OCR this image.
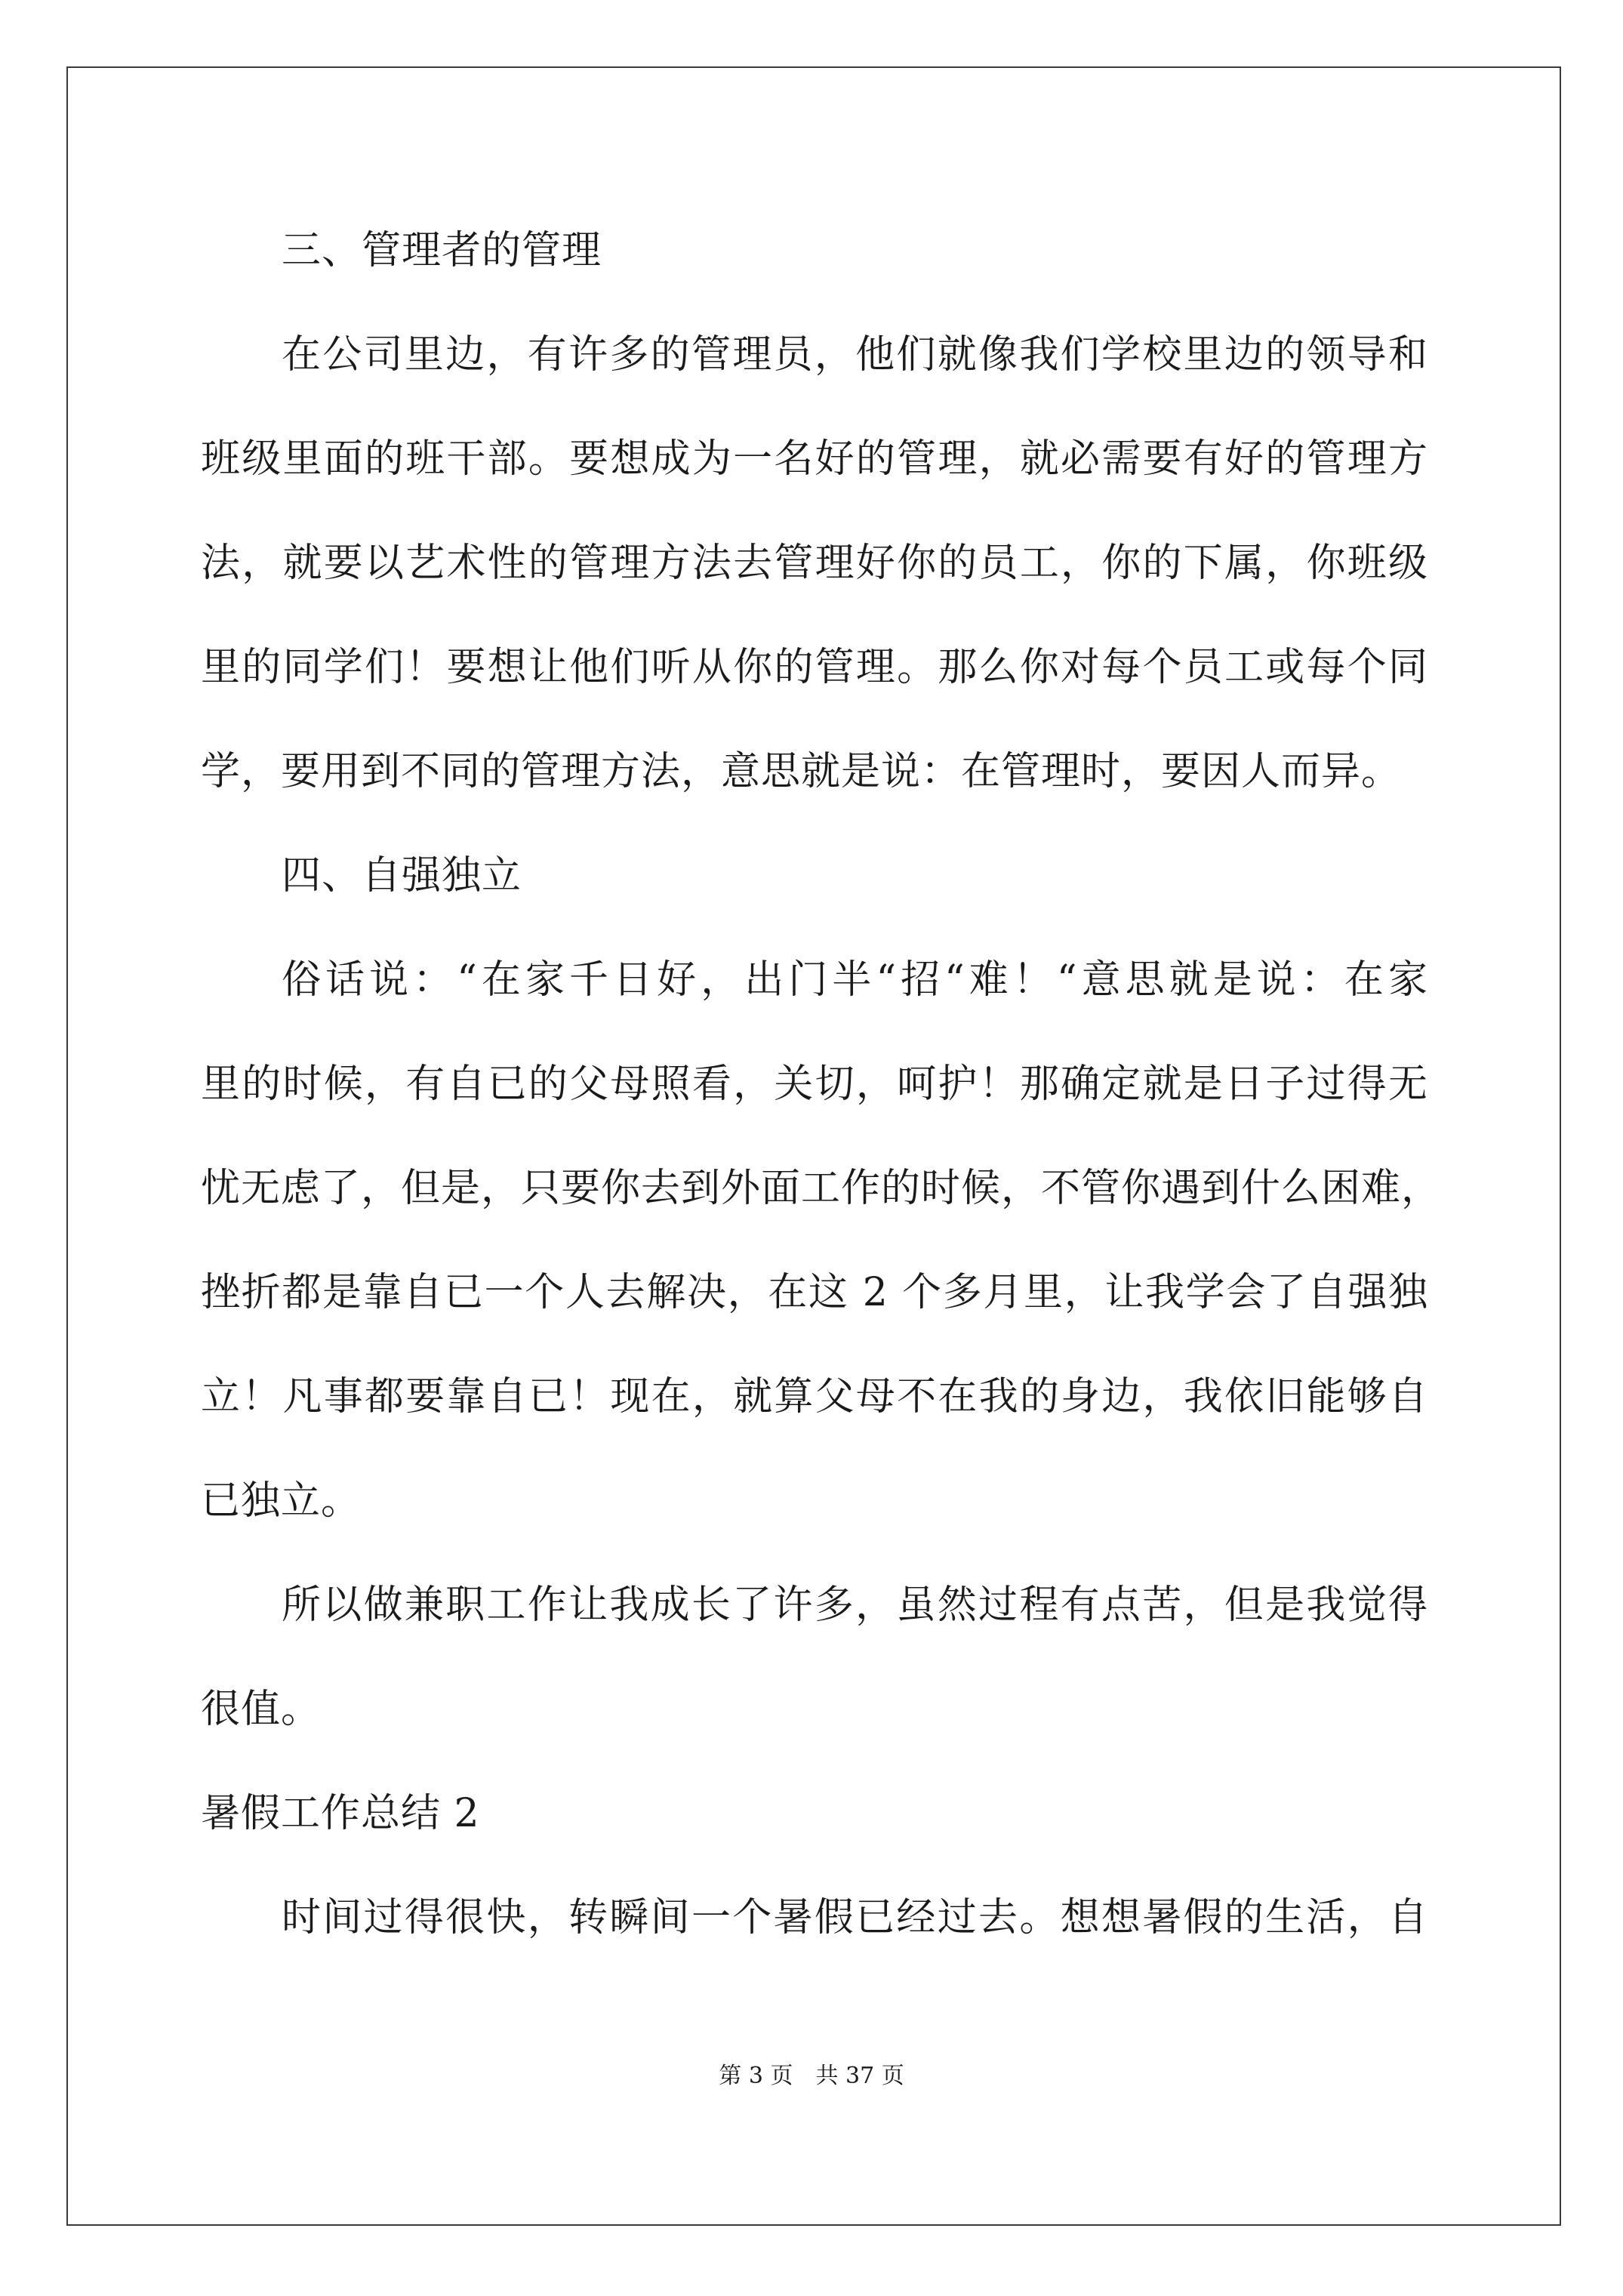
三、管理者的管理
在公司里边，有许多的管理员，他们就像我们学校里边的领导和
班级里面的班干部。要想成为一名好的管理，就必需要有好的管理方
法，就要以艺术性的管理方法去管理好你的员工，你的下属，你班级
里的同学们！要想让他们听从你的管理。那么你对每个员工或每个同
学，要用到不同的管理方法，意思就是说：在管理时，要因人而异。
四、自强独立
俗话说：“在家千日好，出门半“招“难！“意思就是说：在家
里的时候，有自已的父母照看，关切，呵护！那确定就是日子过得无
忧无虑了，但是，只要你去到外面工作的时候，不管你遇到什么困难，
挫折都是靠自已一个人去解决，在这 2 个多月里，让我学会了自强独
立！凡事都要靠自已！现在，就算父母不在我的身边，我依旧能够自
已独立。
所以做兼职工作让我成长了许多，虽然过程有点苦，但是我觉得
很值。
暑假工作总结 2
时间过得很快，转瞬间一个暑假已经过去。想想暑假的生活，自
第 3 页　共 37 页
